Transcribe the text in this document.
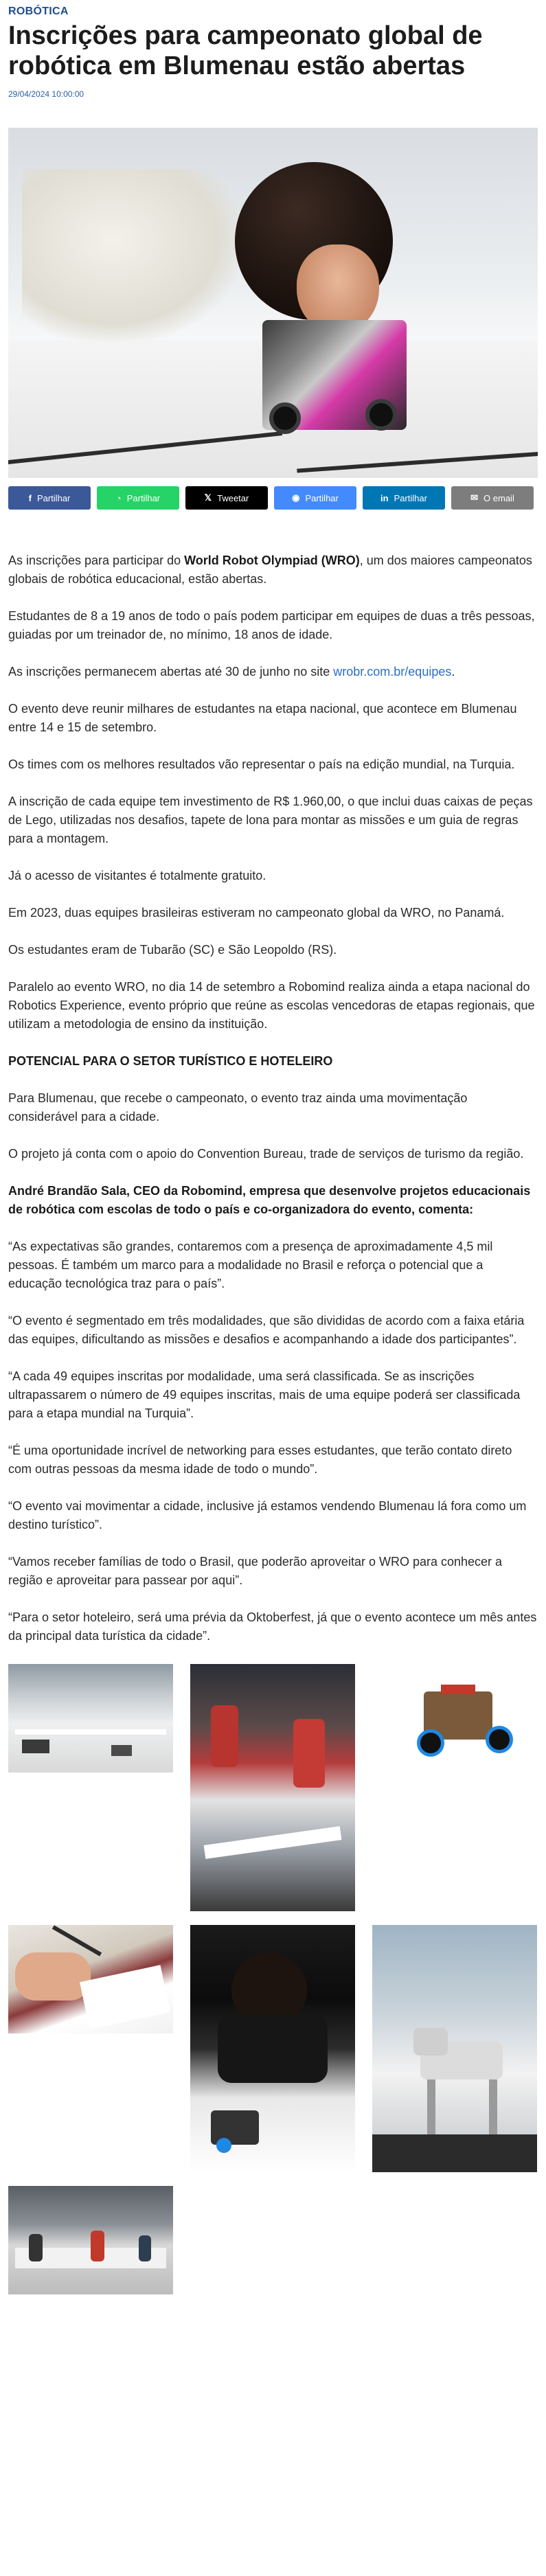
ROBÓTICA
Inscrições para campeonato global de robótica em Blumenau estão abertas
29/04/2024 10:00:00
f Partilhar	◔ Partilhar	𝕏 Tweetar	◉ Partilhar	in Partilhar	✉ O email

As inscrições para participar do World Robot Olympiad (WRO), um dos maiores campeonatos globais de robótica educacional, estão abertas.

Estudantes de 8 a 19 anos de todo o país podem participar em equipes de duas a três pessoas, guiadas por um treinador de, no mínimo, 18 anos de idade.

As inscrições permanecem abertas até 30 de junho no site wrobr.com.br/equipes.

O evento deve reunir milhares de estudantes na etapa nacional, que acontece em Blumenau entre 14 e 15 de setembro.

Os times com os melhores resultados vão representar o país na edição mundial, na Turquia.

A inscrição de cada equipe tem investimento de R$ 1.960,00, o que inclui duas caixas de peças de Lego, utilizadas nos desafios, tapete de lona para montar as missões e um guia de regras para a montagem.

Já o acesso de visitantes é totalmente gratuito.

Em 2023, duas equipes brasileiras estiveram no campeonato global da WRO, no Panamá.

Os estudantes eram de Tubarão (SC) e São Leopoldo (RS).

Paralelo ao evento WRO, no dia 14 de setembro a Robomind realiza ainda a etapa nacional do Robotics Experience, evento próprio que reúne as escolas vencedoras de etapas regionais, que utilizam a metodologia de ensino da instituição.

POTENCIAL PARA O SETOR TURÍSTICO E HOTELEIRO

Para Blumenau, que recebe o campeonato, o evento traz ainda uma movimentação considerável para a cidade.

O projeto já conta com o apoio do Convention Bureau, trade de serviços de turismo da região.

André Brandão Sala, CEO da Robomind, empresa que desenvolve projetos educacionais de robótica com escolas de todo o país e co-organizadora do evento, comenta:

“As expectativas são grandes, contaremos com a presença de aproximadamente 4,5 mil pessoas. É também um marco para a modalidade no Brasil e reforça o potencial que a educação tecnológica traz para o país”.

“O evento é segmentado em três modalidades, que são divididas de acordo com a faixa etária das equipes, dificultando as missões e desafios e acompanhando a idade dos participantes”.

“A cada 49 equipes inscritas por modalidade, uma será classificada. Se as inscrições ultrapassarem o número de 49 equipes inscritas, mais de uma equipe poderá ser classificada para a etapa mundial na Turquia”.

“É uma oportunidade incrível de networking para esses estudantes, que terão contato direto com outras pessoas da mesma idade de todo o mundo”.

“O evento vai movimentar a cidade, inclusive já estamos vendendo Blumenau lá fora como um destino turístico”.

“Vamos receber famílias de todo o Brasil, que poderão aproveitar o WRO para conhecer a região e aproveitar para passear por aqui”.

“Para o setor hoteleiro, será uma prévia da Oktoberfest, já que o evento acontece um mês antes da principal data turística da cidade”.
